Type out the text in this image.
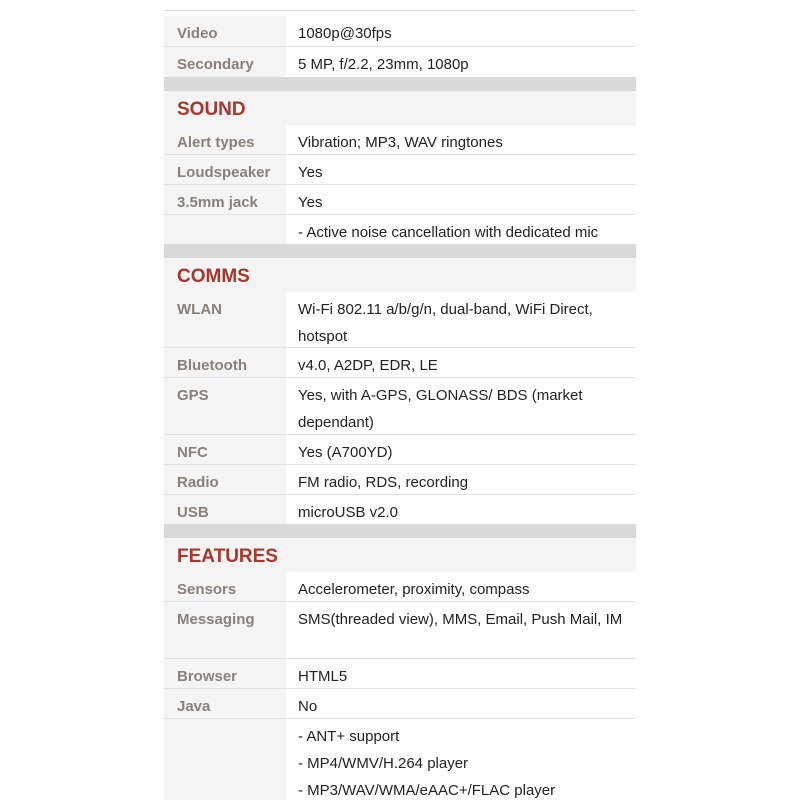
Video	1080p@30fps
Secondary	5 MP, f/2.2, 23mm, 1080p
SOUND
Alert types	Vibration; MP3, WAV ringtones
Loudspeaker Yes
3.5mm jack	Yes
- Active noise cancellation with dedicated mic
COMMS
WLAN	Wi-Fi 802.11 a/b/g/n, dual-band, WiFi Direct, hotspot
Bluetooth	v4.0, A2DP, EDR, LE
GPS	Yes, with A-GPS, GLONASS/ BDS (market dependant)
NFC	Yes (A700YD)
Radio	FM radio, RDS, recording
USB	microUSB v2.0
FEATURES
Sensors	Accelerometer, proximity, compass
Messaging	SMS(threaded view), MMS, Email, Push Mail, IM
Browser	HTML5
Java	No
- ANT+ support
- MP4/WMV/H.264 player
- MP3/WAV/WMA/eAAC+/FLAC player
